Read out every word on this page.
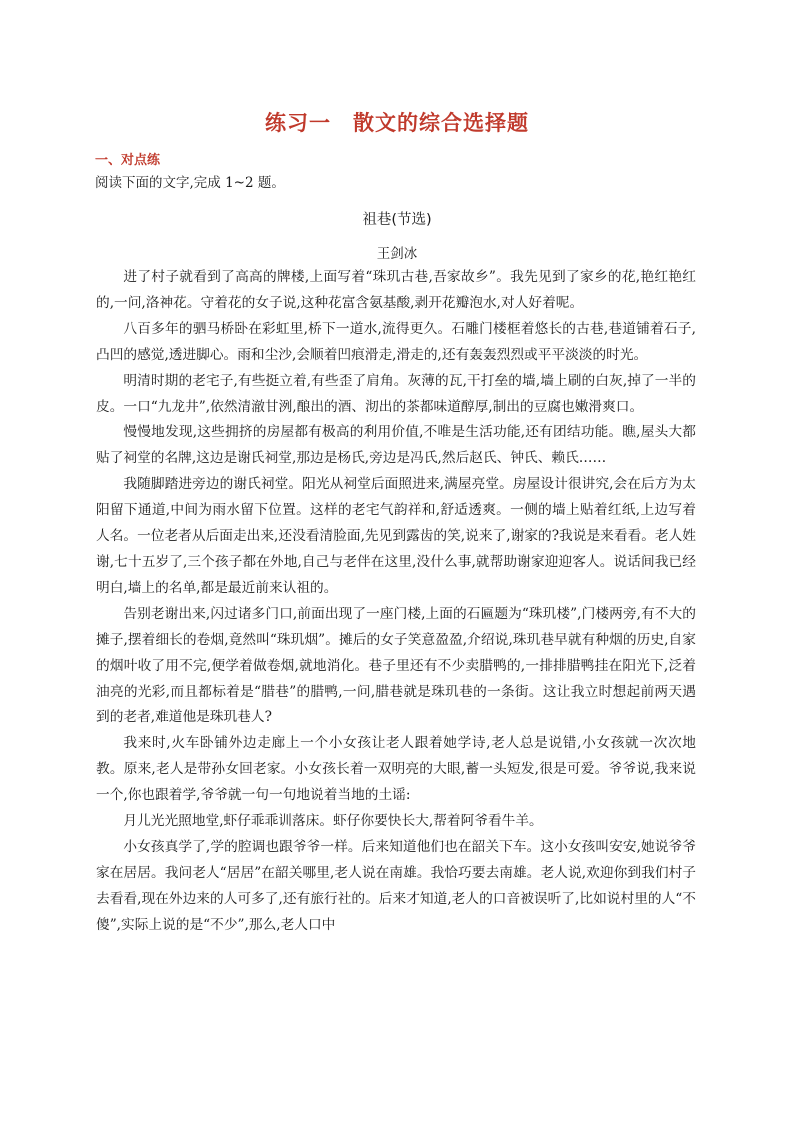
练习一　散文的综合选择题
一、对点练
阅读下面的文字,完成 1~2 题。
祖巷(节选)
王剑冰

进了村子就看到了高高的牌楼,上面写着“珠玑古巷,吾家故乡”。我先见到了家乡的花,艳红艳红的,一问,洛神花。守着花的女子说,这种花富含氨基酸,剥开花瓣泡水,对人好着呢。

八百多年的驷马桥卧在彩虹里,桥下一道水,流得更久。石雕门楼框着悠长的古巷,巷道铺着石子,凸凹的感觉,透进脚心。雨和尘沙,会顺着凹痕滑走,滑走的,还有轰轰烈烈或平平淡淡的时光。

明清时期的老宅子,有些挺立着,有些歪了肩角。灰薄的瓦,干打垒的墙,墙上刷的白灰,掉了一半的皮。一口“九龙井”,依然清澈甘洌,酿出的酒、沏出的茶都味道醇厚,制出的豆腐也嫩滑爽口。

慢慢地发现,这些拥挤的房屋都有极高的利用价值,不唯是生活功能,还有团结功能。瞧,屋头大都贴了祠堂的名牌,这边是谢氏祠堂,那边是杨氏,旁边是冯氏,然后赵氏、钟氏、赖氏……

我随脚踏进旁边的谢氏祠堂。阳光从祠堂后面照进来,满屋亮堂。房屋设计很讲究,会在后方为太阳留下通道,中间为雨水留下位置。这样的老宅气韵祥和,舒适透爽。一侧的墙上贴着红纸,上边写着人名。一位老者从后面走出来,还没看清脸面,先见到露齿的笑,说来了,谢家的?我说是来看看。老人姓谢,七十五岁了,三个孩子都在外地,自己与老伴在这里,没什么事,就帮助谢家迎迎客人。说话间我已经明白,墙上的名单,都是最近前来认祖的。

告别老谢出来,闪过诸多门口,前面出现了一座门楼,上面的石匾题为“珠玑楼”,门楼两旁,有不大的摊子,摆着细长的卷烟,竟然叫“珠玑烟”。摊后的女子笑意盈盈,介绍说,珠玑巷早就有种烟的历史,自家的烟叶收了用不完,便学着做卷烟,就地消化。巷子里还有不少卖腊鸭的,一排排腊鸭挂在阳光下,泛着油亮的光彩,而且都标着是“腊巷”的腊鸭,一问,腊巷就是珠玑巷的一条街。这让我立时想起前两天遇到的老者,难道他是珠玑巷人?

我来时,火车卧铺外边走廊上一个小女孩让老人跟着她学诗,老人总是说错,小女孩就一次次地教。原来,老人是带孙女回老家。小女孩长着一双明亮的大眼,蓄一头短发,很是可爱。爷爷说,我来说一个,你也跟着学,爷爷就一句一句地说着当地的土谣:

月儿光光照地堂,虾仔乖乖训落床。虾仔你要快长大,帮着阿爷看牛羊。

小女孩真学了,学的腔调也跟爷爷一样。后来知道他们也在韶关下车。这小女孩叫安安,她说爷爷家在居居。我问老人“居居”在韶关哪里,老人说在南雄。我恰巧要去南雄。老人说,欢迎你到我们村子去看看,现在外边来的人可多了,还有旅行社的。后来才知道,老人的口音被误听了,比如说村里的人“不傻”,实际上说的是“不少”,那么,老人口中
